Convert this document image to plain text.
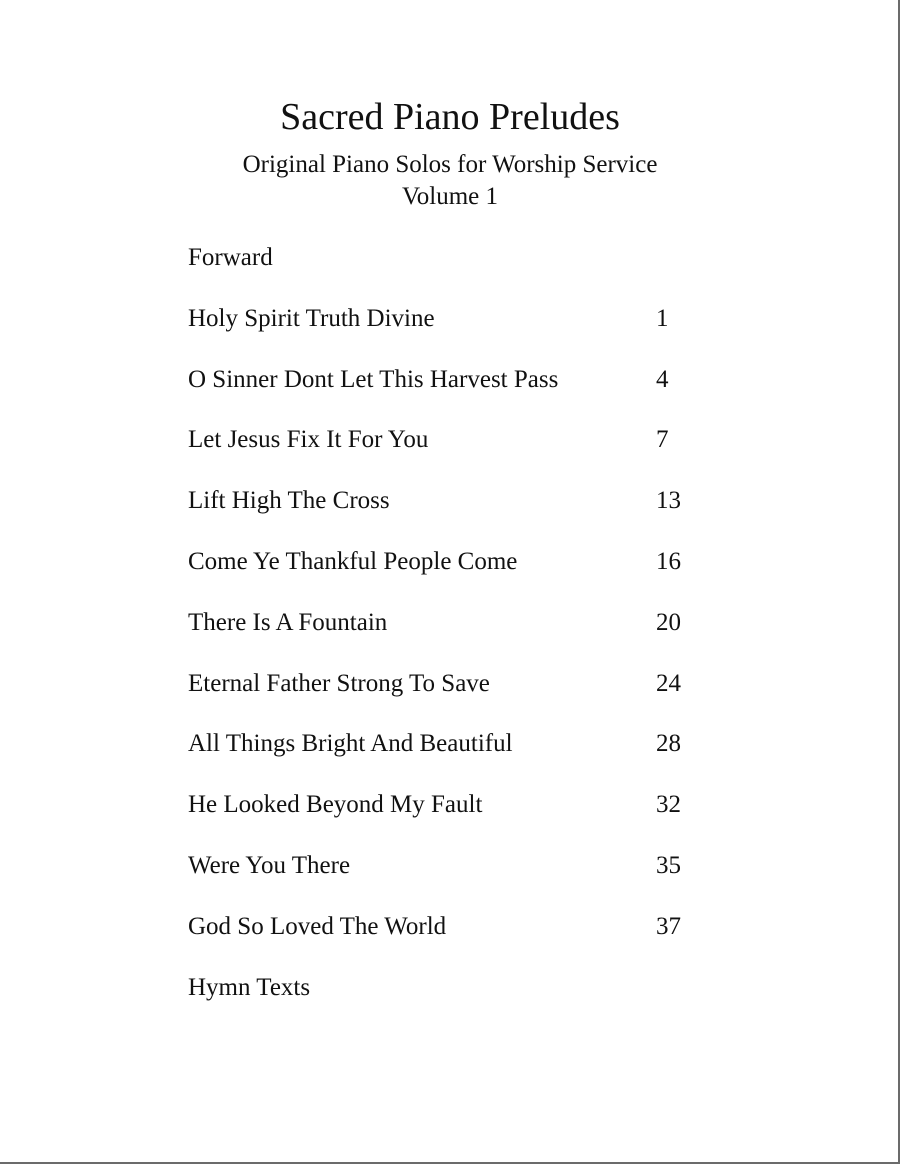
Sacred Piano Preludes
Original Piano Solos for Worship Service
Volume 1
Forward
Holy Spirit Truth Divine	1
O Sinner Dont Let This Harvest Pass	4
Let Jesus Fix It For You	7
Lift High The Cross	13
Come Ye Thankful People Come	16
There Is A Fountain	20
Eternal Father Strong To Save	24
All Things Bright And Beautiful	28
He Looked Beyond My Fault	32
Were You There	35
God So Loved The World	37
Hymn Texts
